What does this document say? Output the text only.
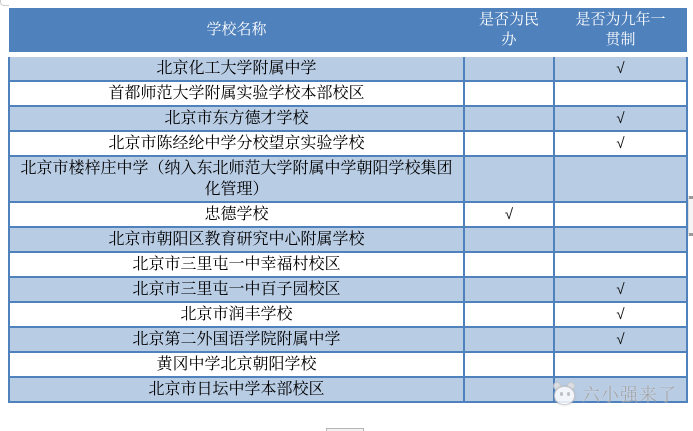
学校名称	是否为民办	是否为九年一贯制
北京化工大学附属中学		√
首都师范大学附属实验学校本部校区		
北京市东方德才学校		√
北京市陈经纶中学分校望京实验学校		√
北京市楼梓庄中学（纳入东北师范大学附属中学朝阳学校集团化管理）		
忠德学校	√	
北京市朝阳区教育研究中心附属学校		
北京市三里屯一中幸福村校区		
北京市三里屯一中百子园校区		√
北京市润丰学校		√
北京第二外国语学院附属中学		√
黄冈中学北京朝阳学校		
北京市日坛中学本部校区			六小强来了
